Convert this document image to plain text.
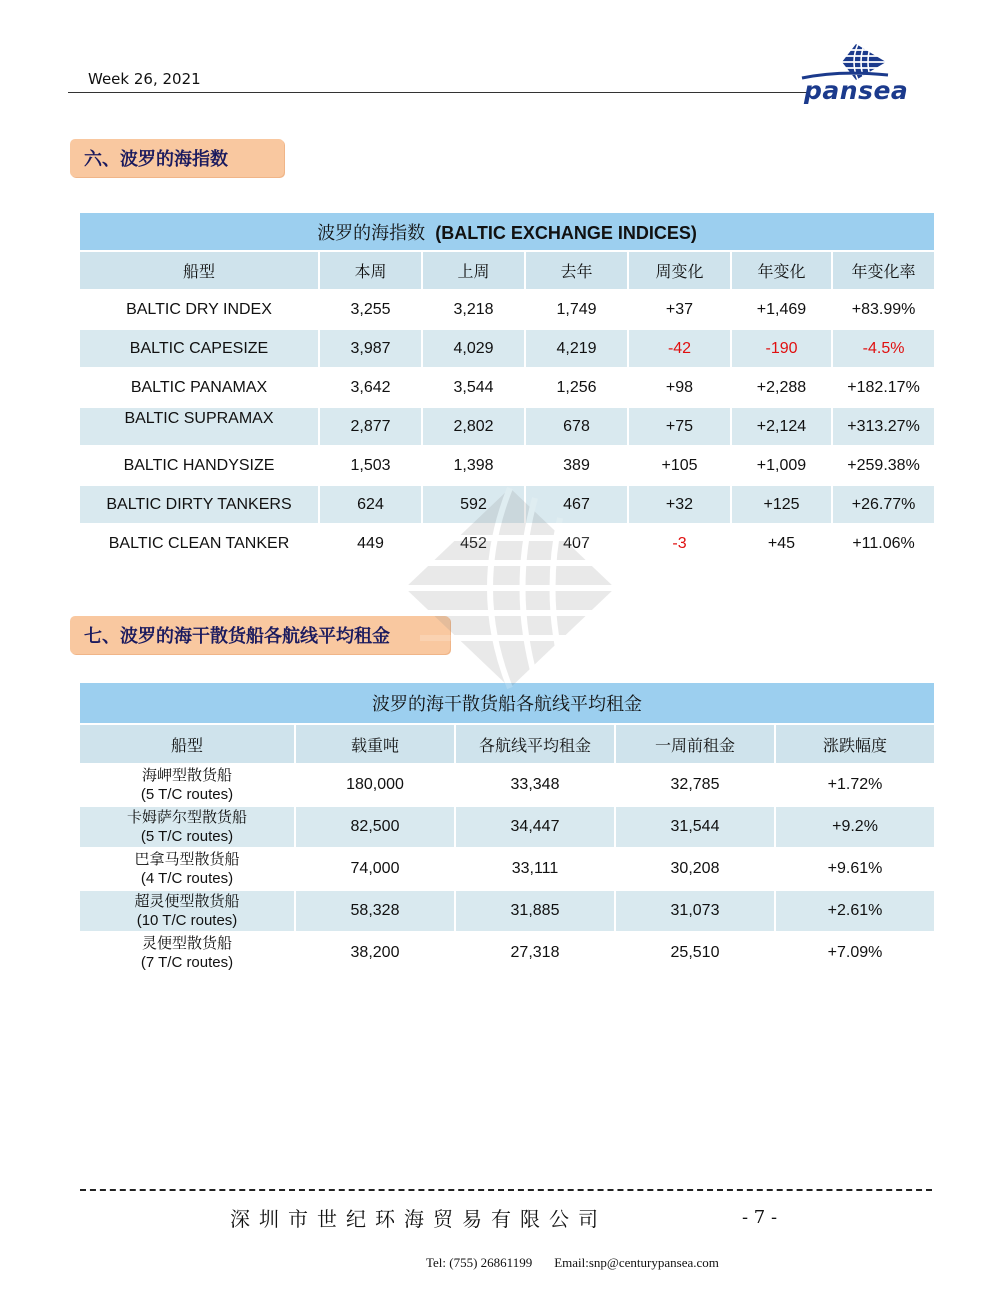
Week 26, 2021	pansea
六、波罗的海指数
波罗的海指数 (BALTIC EXCHANGE INDICES)						
船型	本周	上周	去年	周变化	年变化	年变化率
BALTIC DRY INDEX	3,255	3,218	1,749	+37	+1,469	+83.99%
BALTIC CAPESIZE	3,987	4,029	4,219	-42	-190	-4.5%
BALTIC PANAMAX	3,642	3,544	1,256	+98	+2,288	+182.17%
BALTIC SUPRAMAX	2,877	2,802	678	+75	+2,124	+313.27%
BALTIC HANDYSIZE	1,503	1,398	389	+105	+1,009	+259.38%
BALTIC DIRTY TANKERS	624	592	467	+32	+125	+26.77%
BALTIC CLEAN TANKER	449	452	407	-3	+45	+11.06%
七、波罗的海干散货船各航线平均租金
波罗的海干散货船各航线平均租金				
船型	载重吨	各航线平均租金	一周前租金	涨跌幅度

海岬型散货船
(5 T/C routes)	180,000	33,348	32,785	+1.72%

卡姆萨尔型散货船
(5 T/C routes)	82,500	34,447	31,544	+9.2%

巴拿马型散货船
(4 T/C routes)	74,000	33,111	30,208	+9.61%

超灵便型散货船
(10 T/C routes)	58,328	31,885	31,073	+2.61%

灵便型散货船
(7 T/C routes)	38,200	27,318	25,510	+7.09%
深圳市世纪环海贸易有限公司	- 7 -
Tel: (755) 26861199 Email:snp@centurypansea.com
